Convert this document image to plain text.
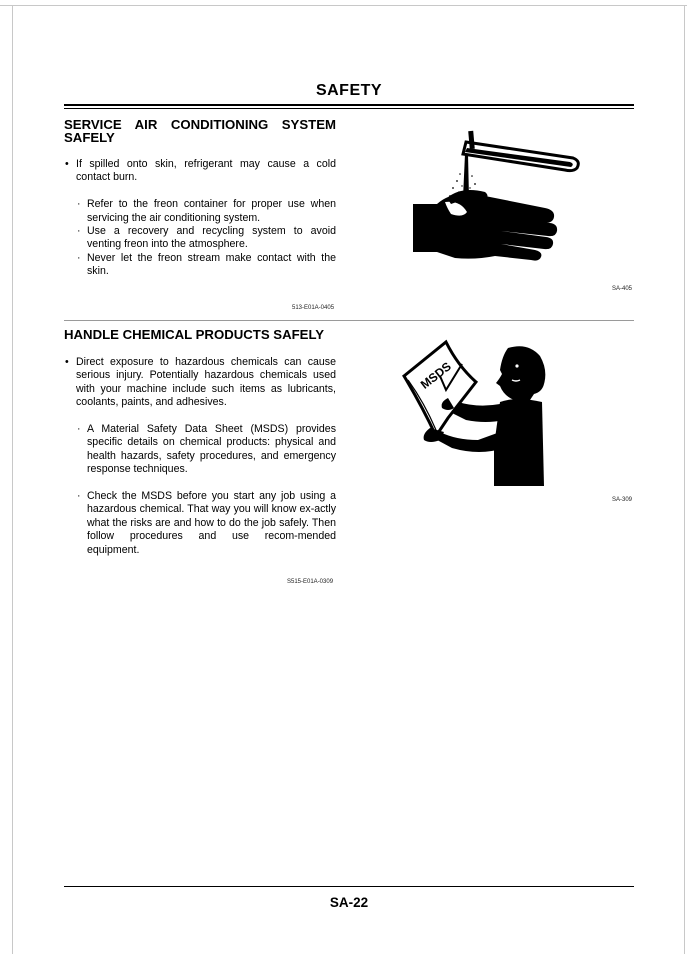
SAFETY
SERVICE AIR CONDITIONING SYSTEM
SAFELY
• If spilled onto skin, refrigerant may cause a cold contact burn.
· Refer to the freon container for proper use when servicing the air conditioning system.
· Use a recovery and recycling system to avoid venting freon into the atmosphere.
· Never let the freon stream make contact with the skin.
513-E01A-0405
SA-405
HANDLE CHEMICAL PRODUCTS SAFELY
• Direct exposure to hazardous chemicals can cause serious injury. Potentially hazardous chemicals used with your machine include such items as lubricants, coolants, paints, and adhesives.
· A Material Safety Data Sheet (MSDS) provides specific details on chemical products: physical and health hazards, safety procedures, and emergency response techniques.
· Check the MSDS before you start any job using a hazardous chemical. That way you will know ex-actly what the risks are and how to do the job safely. Then follow procedures and use recom-mended equipment.
S515-E01A-0309
MSDS
SA-309
SA-22
